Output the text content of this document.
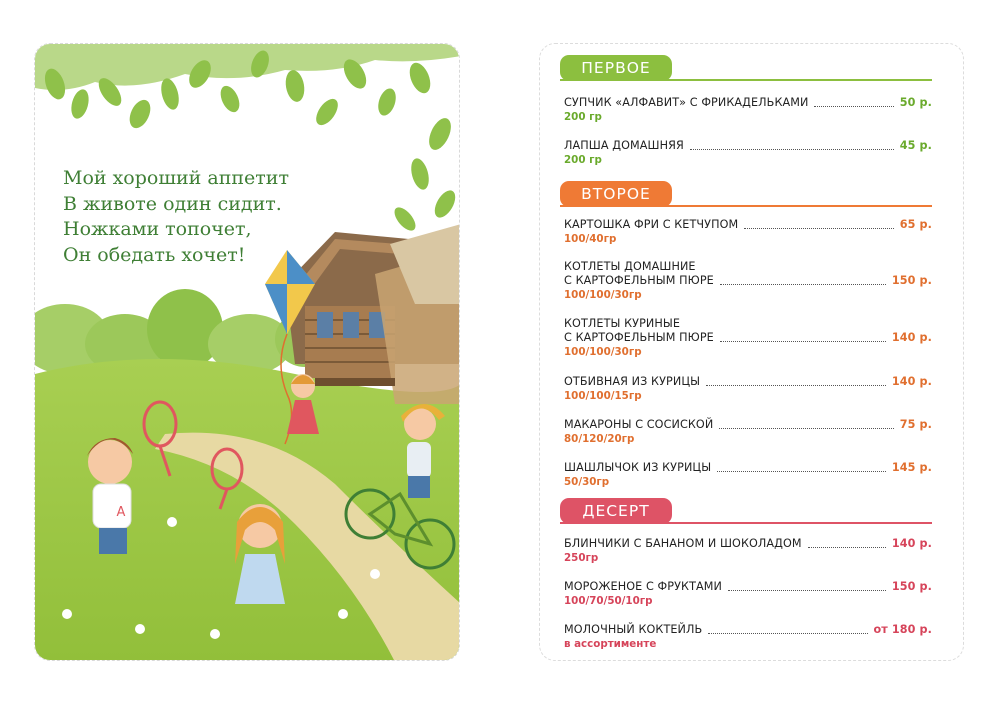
А
Мой хороший аппетит
В животе один сидит.
Ножками топочет,
Он обедать хочет!
ПЕРВОЕ
СУПЧИК «АЛФАВИТ» С ФРИКАДЕЛЬКАМИ	50 р.
200 гр
ЛАПША ДОМАШНЯЯ	45 р.
200 гр
ВТОРОЕ
КАРТОШКА ФРИ С КЕТЧУПОМ	65 р.
100/40гр
КОТЛЕТЫ ДОМАШНИЕ
С КАРТОФЕЛЬНЫМ ПЮРЕ	150 р.
100/100/30гр
КОТЛЕТЫ КУРИНЫЕ
С КАРТОФЕЛЬНЫМ ПЮРЕ	140 р.
100/100/30гр
ОТБИВНАЯ ИЗ КУРИЦЫ	140 р.
100/100/15гр
МАКАРОНЫ С СОСИСКОЙ	75 р.
80/120/20гр
ШАШЛЫЧОК ИЗ КУРИЦЫ	145 р.
50/30гр
ДЕСЕРТ
БЛИНЧИКИ С БАНАНОМ И ШОКОЛАДОМ	140 р.
250гр
МОРОЖЕНОЕ С ФРУКТАМИ	150 р.
100/70/50/10гр
МОЛОЧНЫЙ КОКТЕЙЛЬ	от 180 р.
в ассортименте
